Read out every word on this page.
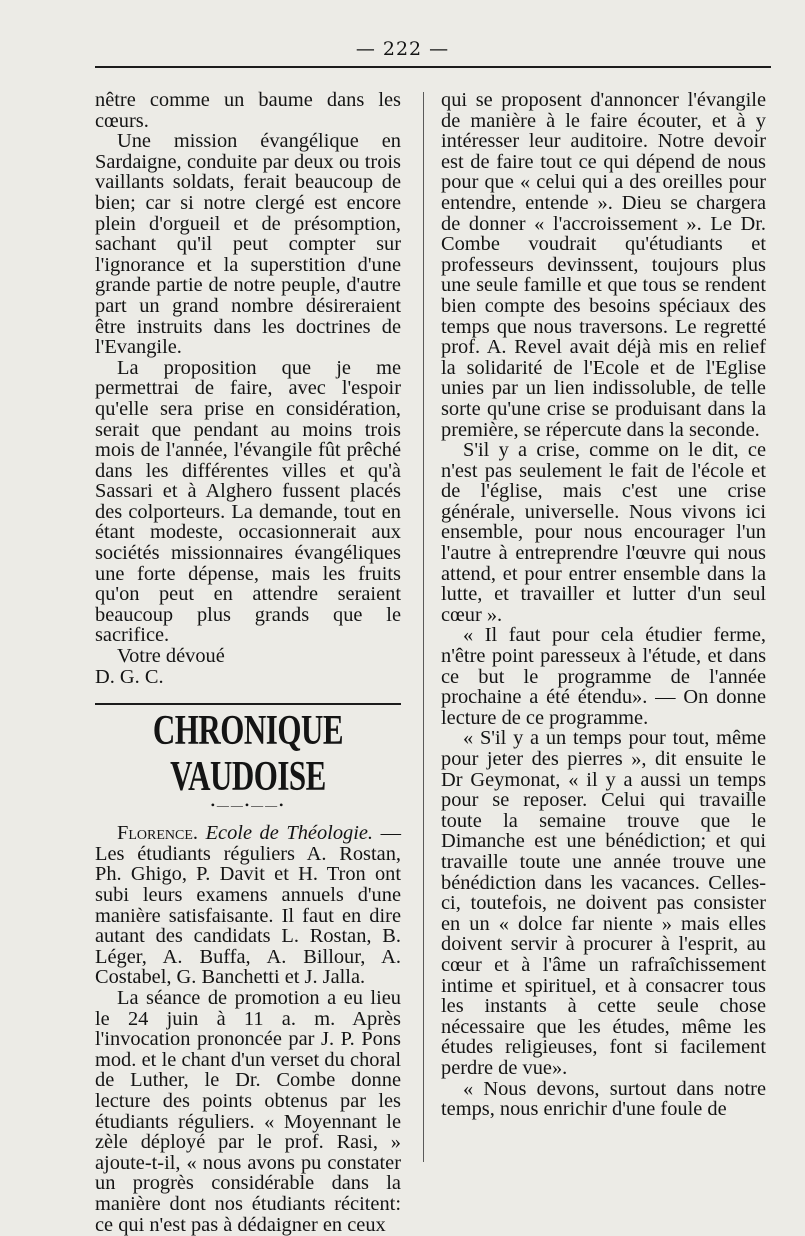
— 222 —

nêtre comme un baume dans les cœurs.

Une mission évangélique en Sardaigne, conduite par deux ou trois vaillants soldats, ferait beaucoup de bien; car si notre clergé est encore plein d'orgueil et de présomption, sachant qu'il peut compter sur l'ignorance et la superstition d'une grande partie de notre peuple, d'autre part un grand nombre désireraient être instruits dans les doctrines de l'Evangile.

La proposition que je me permettrai de faire, avec l'espoir qu'elle sera prise en considération, serait que pendant au moins trois mois de l'année, l'évangile fût prêché dans les différentes villes et qu'à Sassari et à Alghero fussent placés des colporteurs. La demande, tout en étant modeste, occasionnerait aux sociétés missionnaires évangéliques une forte dépense, mais les fruits qu'on peut en attendre seraient beaucoup plus grands que le sacrifice.

Votre dévoué

D. G. C.

CHRONIQUE VAUDOISE
•——•——•

Florence. Ecole de Théologie. — Les étudiants réguliers A. Rostan, Ph. Ghigo, P. Davit et H. Tron ont subi leurs examens annuels d'une manière satisfaisante. Il faut en dire autant des candidats L. Rostan, B. Léger, A. Buffa, A. Billour, A. Costabel, G. Banchetti et J. Jalla.

La séance de promotion a eu lieu le 24 juin à 11 a. m. Après l'invocation prononcée par J. P. Pons mod. et le chant d'un verset du choral de Luther, le Dr. Combe donne lecture des points obtenus par les étudiants réguliers. « Moyennant le zèle déployé par le prof. Rasi, » ajoute-t-il, « nous avons pu constater un progrès considérable dans la manière dont nos étudiants récitent: ce qui n'est pas à dédaigner en ceux

qui se proposent d'annoncer l'évangile de manière à le faire écouter, et à y intéresser leur auditoire. Notre devoir est de faire tout ce qui dépend de nous pour que « celui qui a des oreilles pour entendre, entende ». Dieu se chargera de donner « l'accroissement ». Le Dr. Combe voudrait qu'étudiants et professeurs devinssent, toujours plus une seule famille et que tous se rendent bien compte des besoins spéciaux des temps que nous traversons. Le regretté prof. A. Revel avait déjà mis en relief la solidarité de l'Ecole et de l'Eglise unies par un lien indissoluble, de telle sorte qu'une crise se produisant dans la première, se répercute dans la seconde.

S'il y a crise, comme on le dit, ce n'est pas seulement le fait de l'école et de l'église, mais c'est une crise générale, universelle. Nous vivons ici ensemble, pour nous encourager l'un l'autre à entreprendre l'œuvre qui nous attend, et pour entrer ensemble dans la lutte, et travailler et lutter d'un seul cœur ».

« Il faut pour cela étudier ferme, n'être point paresseux à l'étude, et dans ce but le programme de l'année prochaine a été étendu». — On donne lecture de ce programme.

« S'il y a un temps pour tout, même pour jeter des pierres », dit ensuite le Dr Geymonat, « il y a aussi un temps pour se reposer. Celui qui travaille toute la semaine trouve que le Dimanche est une bénédiction; et qui travaille toute une année trouve une bénédiction dans les vacances. Celles-ci, toutefois, ne doivent pas consister en un « dolce far niente » mais elles doivent servir à procurer à l'esprit, au cœur et à l'âme un rafraîchissement intime et spirituel, et à consacrer tous les instants à cette seule chose nécessaire que les études, même les études religieuses, font si facilement perdre de vue».

« Nous devons, surtout dans notre temps, nous enrichir d'une foule de
